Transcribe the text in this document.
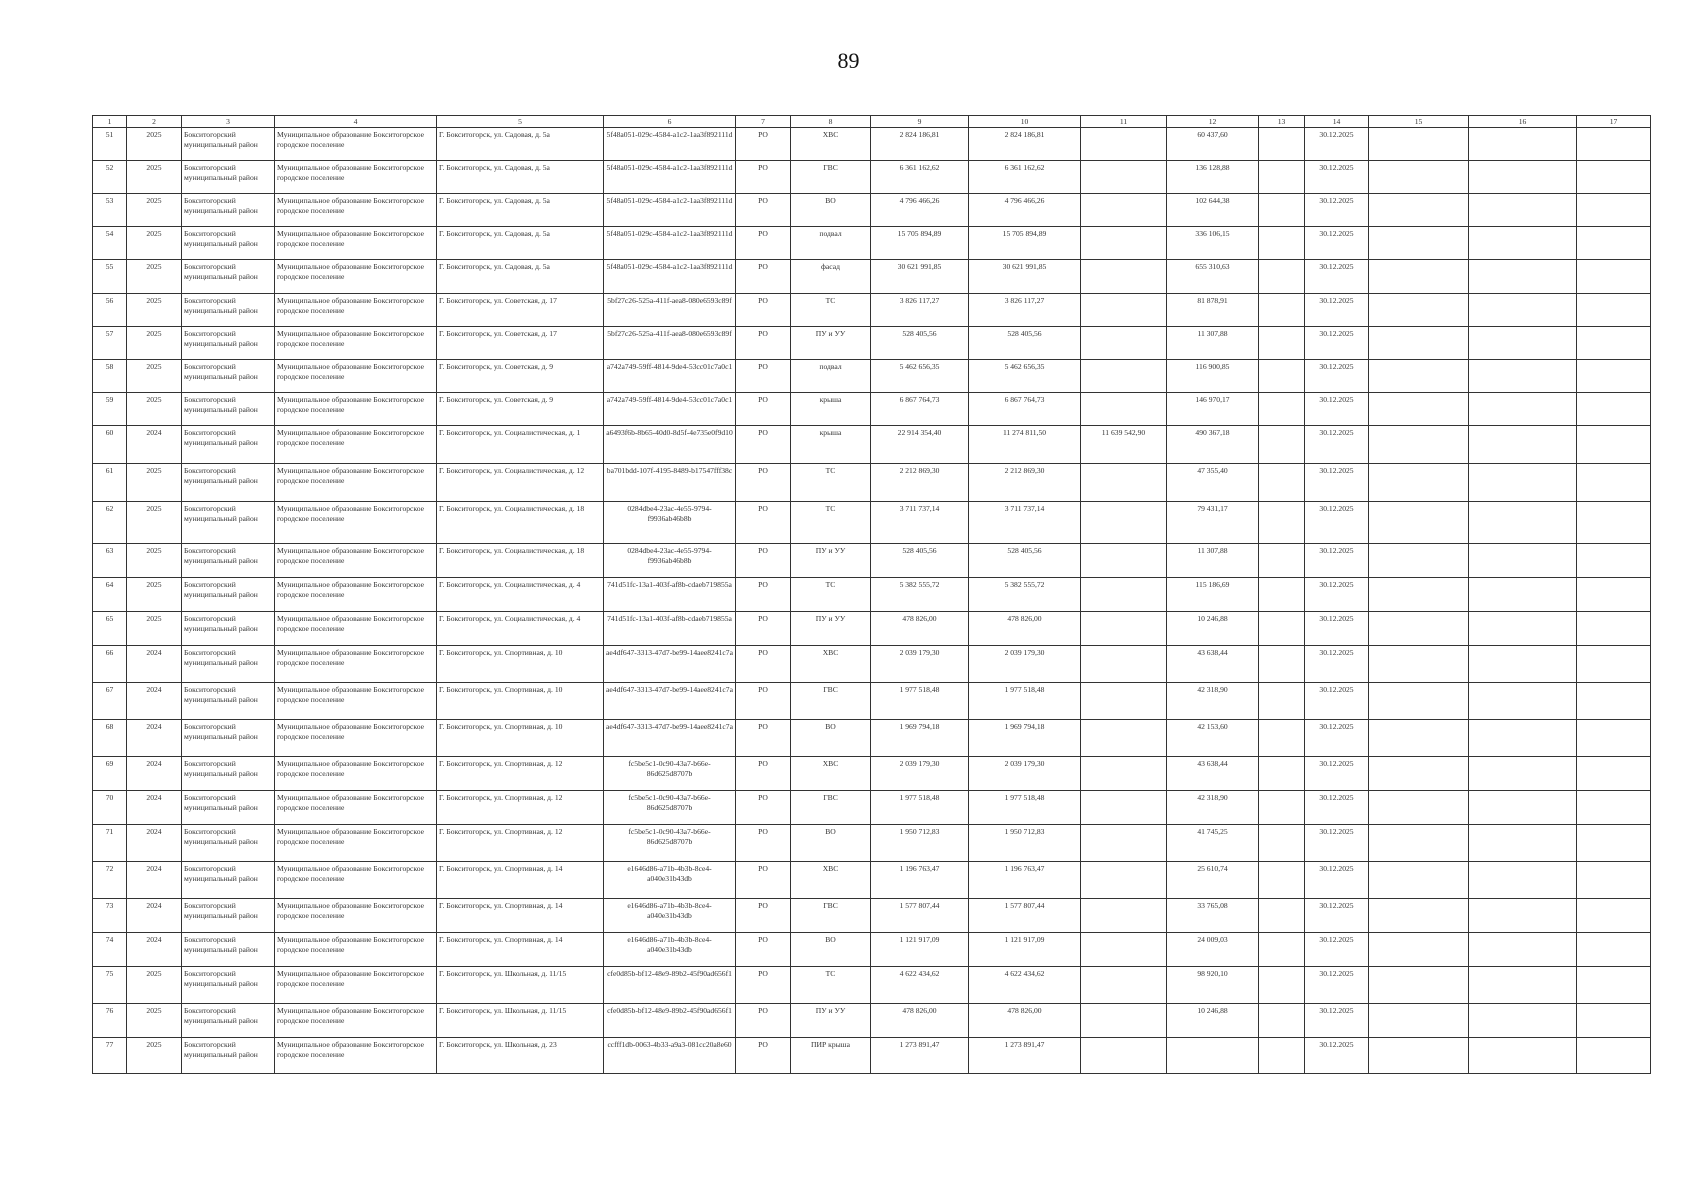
89
1	2	3	4	5	6	7	8	9	10	11	12	13	14	15	16	17
51	2025	Бокситогорский муниципальный район	Муниципальное образование Бокситогорское городское поселение	Г. Бокситогорск, ул. Садовая, д. 5а	5f48a051-029c-4584-a1c2-1aa3f892111d	РО	ХВС	2 824 186,81	2 824 186,81		60 437,60		30.12.2025			
52	2025	Бокситогорский муниципальный район	Муниципальное образование Бокситогорское городское поселение	Г. Бокситогорск, ул. Садовая, д. 5а	5f48a051-029c-4584-a1c2-1aa3f892111d	РО	ГВС	6 361 162,62	6 361 162,62		136 128,88		30.12.2025			
53	2025	Бокситогорский муниципальный район	Муниципальное образование Бокситогорское городское поселение	Г. Бокситогорск, ул. Садовая, д. 5а	5f48a051-029c-4584-a1c2-1aa3f892111d	РО	ВО	4 796 466,26	4 796 466,26		102 644,38		30.12.2025			
54	2025	Бокситогорский муниципальный район	Муниципальное образование Бокситогорское городское поселение	Г. Бокситогорск, ул. Садовая, д. 5а	5f48a051-029c-4584-a1c2-1aa3f892111d	РО	подвал	15 705 894,89	15 705 894,89		336 106,15		30.12.2025			
55	2025	Бокситогорский муниципальный район	Муниципальное образование Бокситогорское городское поселение	Г. Бокситогорск, ул. Садовая, д. 5а	5f48a051-029c-4584-a1c2-1aa3f892111d	РО	фасад	30 621 991,85	30 621 991,85		655 310,63		30.12.2025			
56	2025	Бокситогорский муниципальный район	Муниципальное образование Бокситогорское городское поселение	Г. Бокситогорск, ул. Советская, д. 17	5bf27c26-525a-411f-aea8-080e6593c89f	РО	ТС	3 826 117,27	3 826 117,27		81 878,91		30.12.2025			
57	2025	Бокситогорский муниципальный район	Муниципальное образование Бокситогорское городское поселение	Г. Бокситогорск, ул. Советская, д. 17	5bf27c26-525a-411f-aea8-080e6593c89f	РО	ПУ и УУ	528 405,56	528 405,56		11 307,88		30.12.2025			
58	2025	Бокситогорский муниципальный район	Муниципальное образование Бокситогорское городское поселение	Г. Бокситогорск, ул. Советская, д. 9	a742a749-59ff-4814-9de4-53cc01c7a0c1	РО	подвал	5 462 656,35	5 462 656,35		116 900,85		30.12.2025			
59	2025	Бокситогорский муниципальный район	Муниципальное образование Бокситогорское городское поселение	Г. Бокситогорск, ул. Советская, д. 9	a742a749-59ff-4814-9de4-53cc01c7a0c1	РО	крыша	6 867 764,73	6 867 764,73		146 970,17		30.12.2025			
60	2024	Бокситогорский муниципальный район	Муниципальное образование Бокситогорское городское поселение	Г. Бокситогорск, ул. Социалистическая, д. 1	a6493f6b-8b65-40d0-8d5f-4e735e0f9d10	РО	крыша	22 914 354,40	11 274 811,50	11 639 542,90	490 367,18		30.12.2025			
61	2025	Бокситогорский муниципальный район	Муниципальное образование Бокситогорское городское поселение	Г. Бокситогорск, ул. Социалистическая, д. 12	ba701bdd-107f-4195-8489-b17547fff38c	РО	ТС	2 212 869,30	2 212 869,30		47 355,40		30.12.2025			
62	2025	Бокситогорский муниципальный район	Муниципальное образование Бокситогорское городское поселение	Г. Бокситогорск, ул. Социалистическая, д. 18	0284dbe4-23ac-4e55-9794-f9936ab46b8b	РО	ТС	3 711 737,14	3 711 737,14		79 431,17		30.12.2025			
63	2025	Бокситогорский муниципальный район	Муниципальное образование Бокситогорское городское поселение	Г. Бокситогорск, ул. Социалистическая, д. 18	0284dbe4-23ac-4e55-9794-f9936ab46b8b	РО	ПУ и УУ	528 405,56	528 405,56		11 307,88		30.12.2025			
64	2025	Бокситогорский муниципальный район	Муниципальное образование Бокситогорское городское поселение	Г. Бокситогорск, ул. Социалистическая, д. 4	741d51fc-13a1-403f-af8b-cdaeb719855a	РО	ТС	5 382 555,72	5 382 555,72		115 186,69		30.12.2025			
65	2025	Бокситогорский муниципальный район	Муниципальное образование Бокситогорское городское поселение	Г. Бокситогорск, ул. Социалистическая, д. 4	741d51fc-13a1-403f-af8b-cdaeb719855a	РО	ПУ и УУ	478 826,00	478 826,00		10 246,88		30.12.2025			
66	2024	Бокситогорский муниципальный район	Муниципальное образование Бокситогорское городское поселение	Г. Бокситогорск, ул. Спортивная, д. 10	ae4df647-3313-47d7-be99-14aee8241c7a	РО	ХВС	2 039 179,30	2 039 179,30		43 638,44		30.12.2025			
67	2024	Бокситогорский муниципальный район	Муниципальное образование Бокситогорское городское поселение	Г. Бокситогорск, ул. Спортивная, д. 10	ae4df647-3313-47d7-be99-14aee8241c7a	РО	ГВС	1 977 518,48	1 977 518,48		42 318,90		30.12.2025			
68	2024	Бокситогорский муниципальный район	Муниципальное образование Бокситогорское городское поселение	Г. Бокситогорск, ул. Спортивная, д. 10	ae4df647-3313-47d7-be99-14aee8241c7a	РО	ВО	1 969 794,18	1 969 794,18		42 153,60		30.12.2025			
69	2024	Бокситогорский муниципальный район	Муниципальное образование Бокситогорское городское поселение	Г. Бокситогорск, ул. Спортивная, д. 12	fc5be5c1-0c90-43a7-b66e-86d625d8707b	РО	ХВС	2 039 179,30	2 039 179,30		43 638,44		30.12.2025			
70	2024	Бокситогорский муниципальный район	Муниципальное образование Бокситогорское городское поселение	Г. Бокситогорск, ул. Спортивная, д. 12	fc5be5c1-0c90-43a7-b66e-86d625d8707b	РО	ГВС	1 977 518,48	1 977 518,48		42 318,90		30.12.2025			
71	2024	Бокситогорский муниципальный район	Муниципальное образование Бокситогорское городское поселение	Г. Бокситогорск, ул. Спортивная, д. 12	fc5be5c1-0c90-43a7-b66e-86d625d8707b	РО	ВО	1 950 712,83	1 950 712,83		41 745,25		30.12.2025			
72	2024	Бокситогорский муниципальный район	Муниципальное образование Бокситогорское городское поселение	Г. Бокситогорск, ул. Спортивная, д. 14	e1646d86-a71b-4b3b-8ce4-a040e31b43db	РО	ХВС	1 196 763,47	1 196 763,47		25 610,74		30.12.2025			
73	2024	Бокситогорский муниципальный район	Муниципальное образование Бокситогорское городское поселение	Г. Бокситогорск, ул. Спортивная, д. 14	e1646d86-a71b-4b3b-8ce4-a040e31b43db	РО	ГВС	1 577 807,44	1 577 807,44		33 765,08		30.12.2025			
74	2024	Бокситогорский муниципальный район	Муниципальное образование Бокситогорское городское поселение	Г. Бокситогорск, ул. Спортивная, д. 14	e1646d86-a71b-4b3b-8ce4-a040e31b43db	РО	ВО	1 121 917,09	1 121 917,09		24 009,03		30.12.2025			
75	2025	Бокситогорский муниципальный район	Муниципальное образование Бокситогорское городское поселение	Г. Бокситогорск, ул. Школьная, д. 11/15	cfe0d85b-bf12-48e9-89b2-45f90ad656f1	РО	ТС	4 622 434,62	4 622 434,62		98 920,10		30.12.2025			
76	2025	Бокситогорский муниципальный район	Муниципальное образование Бокситогорское городское поселение	Г. Бокситогорск, ул. Школьная, д. 11/15	cfe0d85b-bf12-48e9-89b2-45f90ad656f1	РО	ПУ и УУ	478 826,00	478 826,00		10 246,88		30.12.2025			
77	2025	Бокситогорский муниципальный район	Муниципальное образование Бокситогорское городское поселение	Г. Бокситогорск, ул. Школьная, д. 23	ccfff1db-0063-4b33-a9a3-081cc20a8e60	РО	ПИР крыша	1 273 891,47	1 273 891,47				30.12.2025			
